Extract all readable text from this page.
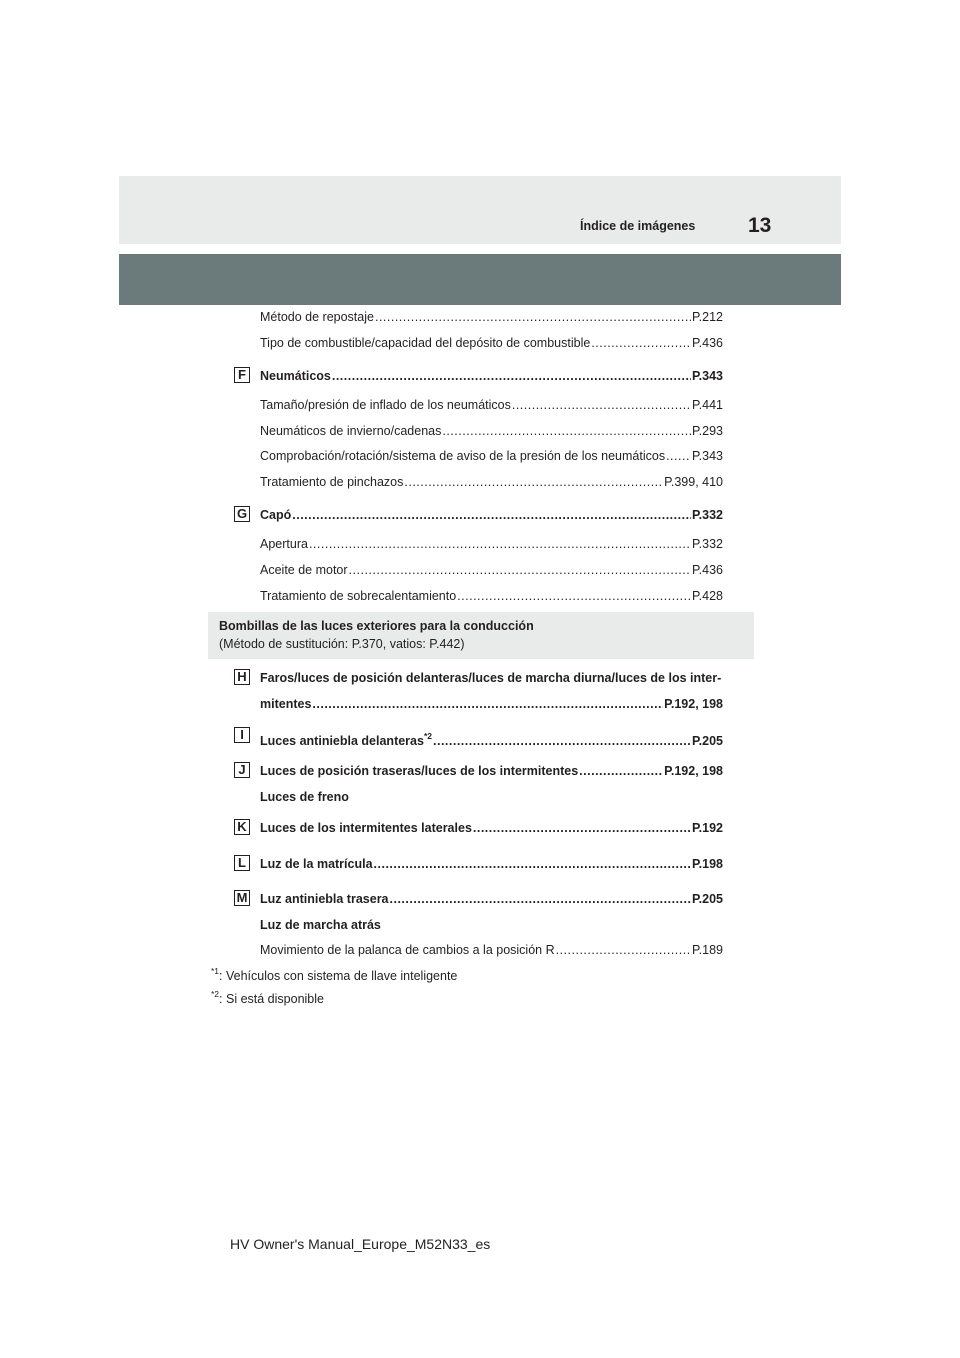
Índice de imágenes	13
Método de repostaje .....	P.212
Tipo de combustible/capacidad del depósito de combustible .....	P.436
F	Neumáticos .....	P.343
Tamaño/presión de inflado de los neumáticos .....	P.441
Neumáticos de invierno/cadenas .....	P.293
Comprobación/rotación/sistema de aviso de la presión de los neumáticos ..... P.343
Tratamiento de pinchazos .....	P.399, 410
G Capó .....	P.332
Apertura .....	P.332
Aceite de motor .....	P.436
Tratamiento de sobrecalentamiento .....	P.428
Bombillas de las luces exteriores para la conducción
(Método de sustitución: P.370, vatios: P.442)
H Faros/luces de posición delanteras/luces de marcha diurna/luces de los inter-
mitentes .....	P.192, 198
I	Luces antiniebla delanteras$^{*2}$ .....	P.205
J	Luces de posición traseras/luces de los intermitentes .....	P.192, 198
Luces de freno
K Luces de los intermitentes laterales .....	P.192
L	Luz de la matrícula .....	P.198
M Luz antiniebla trasera .....	P.205
Luz de marcha atrás
Movimiento de la palanca de cambios a la posición R .....	P.189
$^{*1}$: Vehículos con sistema de llave inteligente
$^{*2}$: Si está disponible
HV Owner's Manual_Europe_M52N33_es
